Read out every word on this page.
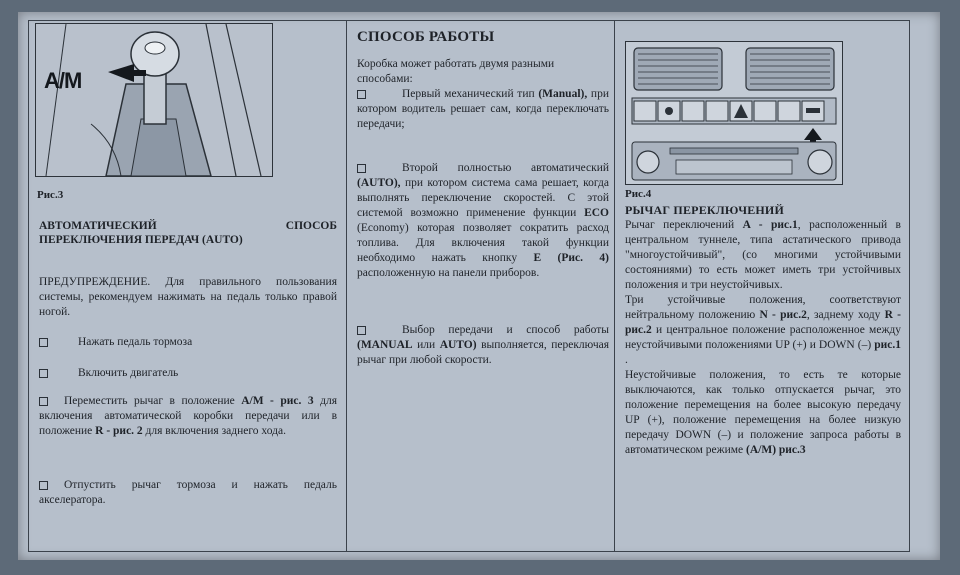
A/M
Рис.3
АВТОМАТИЧЕСКИЙ	СПОСОБ
ПЕРЕКЛЮЧЕНИЯ ПЕРЕДАЧ (AUTO)
ПРЕДУПРЕЖДЕНИЕ. Для правильного пользования системы, рекомендуем нажимать на педаль только правой ногой.
Нажать педаль тормоза
Включить двигатель
Переместить рычаг в положение A/M - рис. 3 для включения автоматической коробки передачи или в положение R - рис. 2 для включения заднего хода.
Отпустить рычаг тормоза и нажать педаль акселератора.
СПОСОБ РАБОТЫ
Коробка может работать двумя разными способами:
Первый механический тип (Manual), при котором водитель решает сам, когда переключать передачи;
Второй полностью автоматический (AUTO), при котором система сама решает, когда выполнять переключение скоростей. С этой системой возможно применение функции ECO (Economy) которая позволяет сократить расход топлива. Для включения такой функции необходимо нажать кнопку E (Рис. 4) расположенную на панели приборов.
Выбор передачи и способ работы (MANUAL или AUTO) выполняется, переключая рычаг при любой скорости.
Рис.4
РЫЧАГ ПЕРЕКЛЮЧЕНИЙ
Рычаг переключений A - рис.1, расположенный в центральном туннеле, типа астатического привода "многоустойчивый", (со многими устойчивыми состояниями) то есть может иметь три устойчивых положения и три неустойчивых.
Три устойчивые положения, соответствуют нейтральному положению N - рис.2, заднему ходу R - рис.2 и центральное положение расположенное между неустойчивыми положениями UP (+) и DOWN (–) рис.1 .
Неустойчивые положения, то есть те которые выключаются, как только отпускается рычаг, это положение перемещения на более высокую передачу UP (+), положение перемещения на более низкую передачу DOWN (–) и положение запроса работы в автоматическом режиме (A/M) рис.3
